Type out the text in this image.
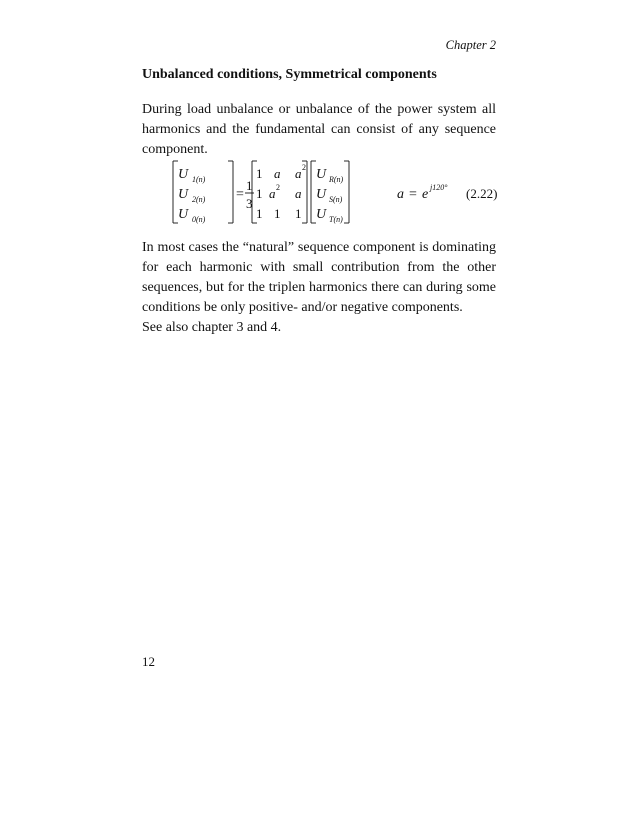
Chapter 2
Unbalanced conditions, Symmetrical components

During load unbalance or unbalance of the power system all harmonics and the fundamental can consist of any sequence component.

U 1(n)
U 2(n)
U 0(n)
=
1
3
1 a a 2
1 a 2 a
1 1 1
U R(n)
U S(n)
U T(n)
a = e j120° (2.22)

In most cases the “natural” sequence component is dominating for each harmonic with small contribution from the other sequences, but for the triplen harmonics there can during some conditions be only positive- and/or negative components.

See also chapter 3 and 4.

12
